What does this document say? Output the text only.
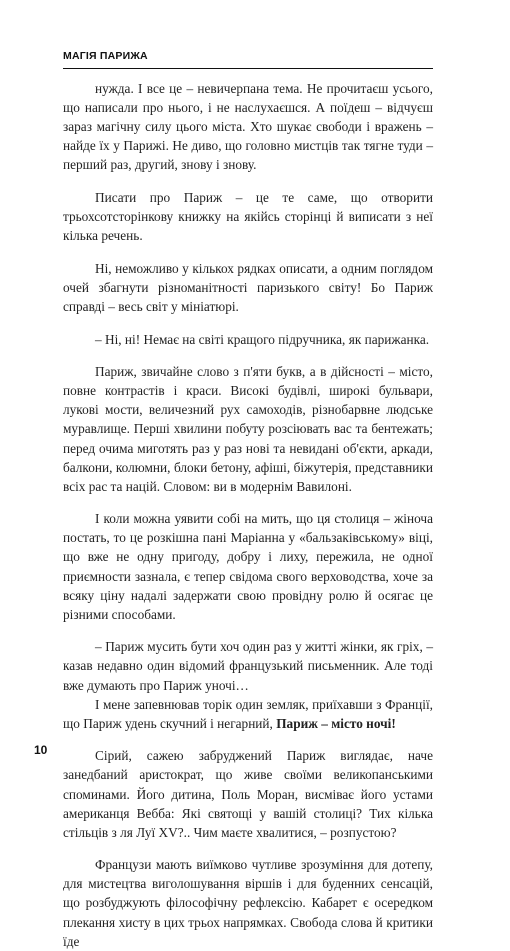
МАГІЯ ПАРИЖА

нужда. І все це – невичерпана тема. Не прочитаєш усього, що написали про нього, і не наслухаєшся. А поїдеш – відчуєш зараз магічну силу цього міста. Хто шукає свободи і вражень – найде їх у Парижі. Не диво, що головно мистців так тягне туди – перший раз, другий, знову і знову.

Писати про Париж – це те саме, що отворити трьохсотсторінкову книжку на якійсь сторінці й виписати з неї кілька речень.

Ні, неможливо у кількох рядках описати, а одним поглядом очей збагнути різноманітності паризького світу! Бо Париж справді – весь світ у мініатюрі.

– Ні, ні! Немає на світі кращого підручника, як парижанка.

Париж, звичайне слово з п'яти букв, а в дійсності – місто, повне контрастів і краси. Високі будівлі, широкі бульвари, лукові мости, величезний рух самоходів, різнобарвне людське муравлище. Перші хвилини побуту розсіювать вас та бентежать; перед очима миготять раз у раз нові та невидані об'єкти, аркади, балкони, колюмни, блоки бетону, афіші, біжутерія, представники всіх рас та націй. Словом: ви в модернім Вавилоні.

І коли можна уявити собі на мить, що ця столиця – жіноча постать, то це розкішна пані Маріанна у «бальзаківському» віці, що вже не одну пригоду, добру і лиху, пережила, не одної приємности зазнала, є тепер свідома свого верховодства, хоче за всяку ціну надалі задержати свою провідну ролю й осягає це різними способами.

– Париж мусить бути хоч один раз у житті жінки, як гріх, – казав недавно один відомий французький письменник. Але тоді вже думають про Париж уночі…

І мене запевнював торік один земляк, приїхавши з Франції, що Париж удень скучний і негарний, Париж – місто ночі!

Сірий, сажею забруджений Париж виглядає, наче занедбаний аристократ, що живе своїми великопанськими споминами. Його дитина, Поль Моран, висміває його устами американця Вебба: Які святощі у вашій столиці? Тих кілька стільців з ля Луї XV?.. Чим маєте хвалитися, – розпустою?

Французи мають виїмково чутливе зрозуміння для дотепу, для мистецтва виголошування віршів і для буденних сенсацій, що розбуджують філософічну рефлексію. Кабарет є осередком плекання хисту в цих трьох напрямках. Свобода слова й критики їде

10
